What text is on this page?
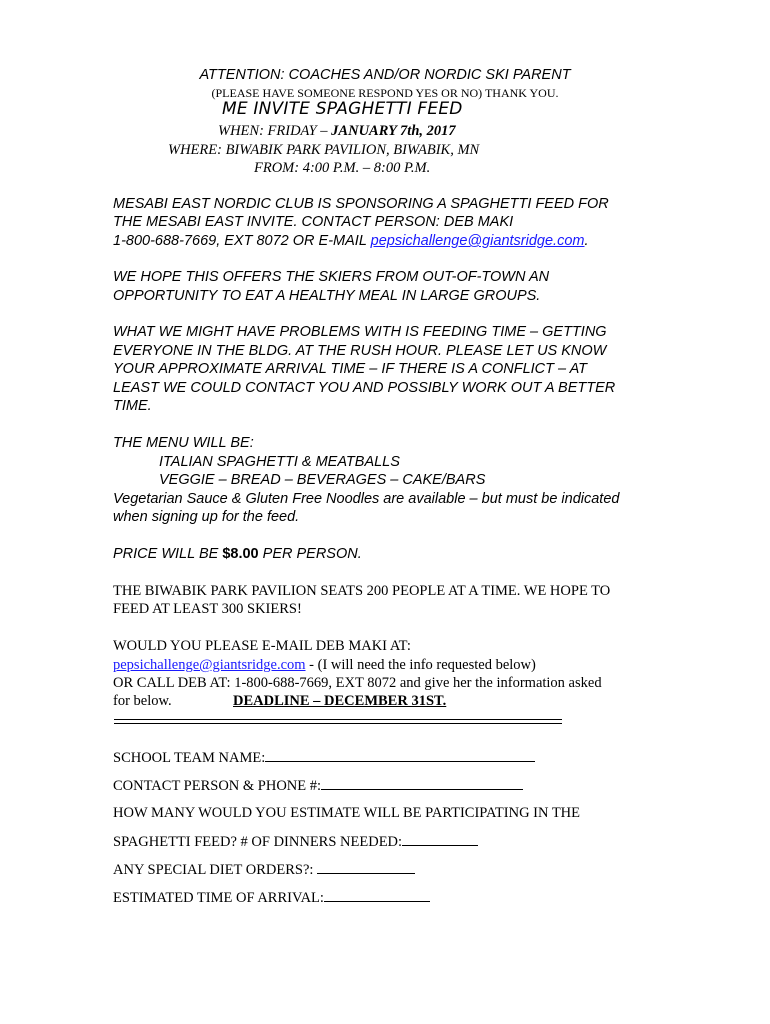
ATTENTION: COACHES AND/OR NORDIC SKI PARENT
(PLEASE HAVE SOMEONE RESPOND YES OR NO) THANK YOU.
ME INVITE SPAGHETTI FEED
WHEN: FRIDAY – JANUARY 7th, 2017
WHERE: BIWABIK PARK PAVILION, BIWABIK, MN
FROM: 4:00 P.M. – 8:00 P.M.
MESABI EAST NORDIC CLUB IS SPONSORING A SPAGHETTI FEED FOR
THE MESABI EAST INVITE. CONTACT PERSON: DEB MAKI
1-800-688-7669, EXT 8072 OR E-MAIL pepsichallenge@giantsridge.com.
WE HOPE THIS OFFERS THE SKIERS FROM OUT-OF-TOWN AN
OPPORTUNITY TO EAT A HEALTHY MEAL IN LARGE GROUPS.
WHAT WE MIGHT HAVE PROBLEMS WITH IS FEEDING TIME – GETTING
EVERYONE IN THE BLDG. AT THE RUSH HOUR. PLEASE LET US KNOW
YOUR APPROXIMATE ARRIVAL TIME – IF THERE IS A CONFLICT – AT
LEAST WE COULD CONTACT YOU AND POSSIBLY WORK OUT A BETTER
TIME.
THE MENU WILL BE:
ITALIAN SPAGHETTI & MEATBALLS
VEGGIE – BREAD – BEVERAGES – CAKE/BARS
Vegetarian Sauce & Gluten Free Noodles are available – but must be indicated
when signing up for the feed.
PRICE WILL BE $8.00 PER PERSON.
THE BIWABIK PARK PAVILION SEATS 200 PEOPLE AT A TIME. WE HOPE TO
FEED AT LEAST 300 SKIERS!
WOULD YOU PLEASE E-MAIL DEB MAKI AT:
pepsichallenge@giantsridge.com - (I will need the info requested below)
OR CALL DEB AT: 1-800-688-7669, EXT 8072 and give her the information asked
for below.	DEADLINE – DECEMBER 31ST.
SCHOOL TEAM NAME:
CONTACT PERSON & PHONE #:
HOW MANY WOULD YOU ESTIMATE WILL BE PARTICIPATING IN THE
SPAGHETTI FEED? # OF DINNERS NEEDED:
ANY SPECIAL DIET ORDERS?:
ESTIMATED TIME OF ARRIVAL:
